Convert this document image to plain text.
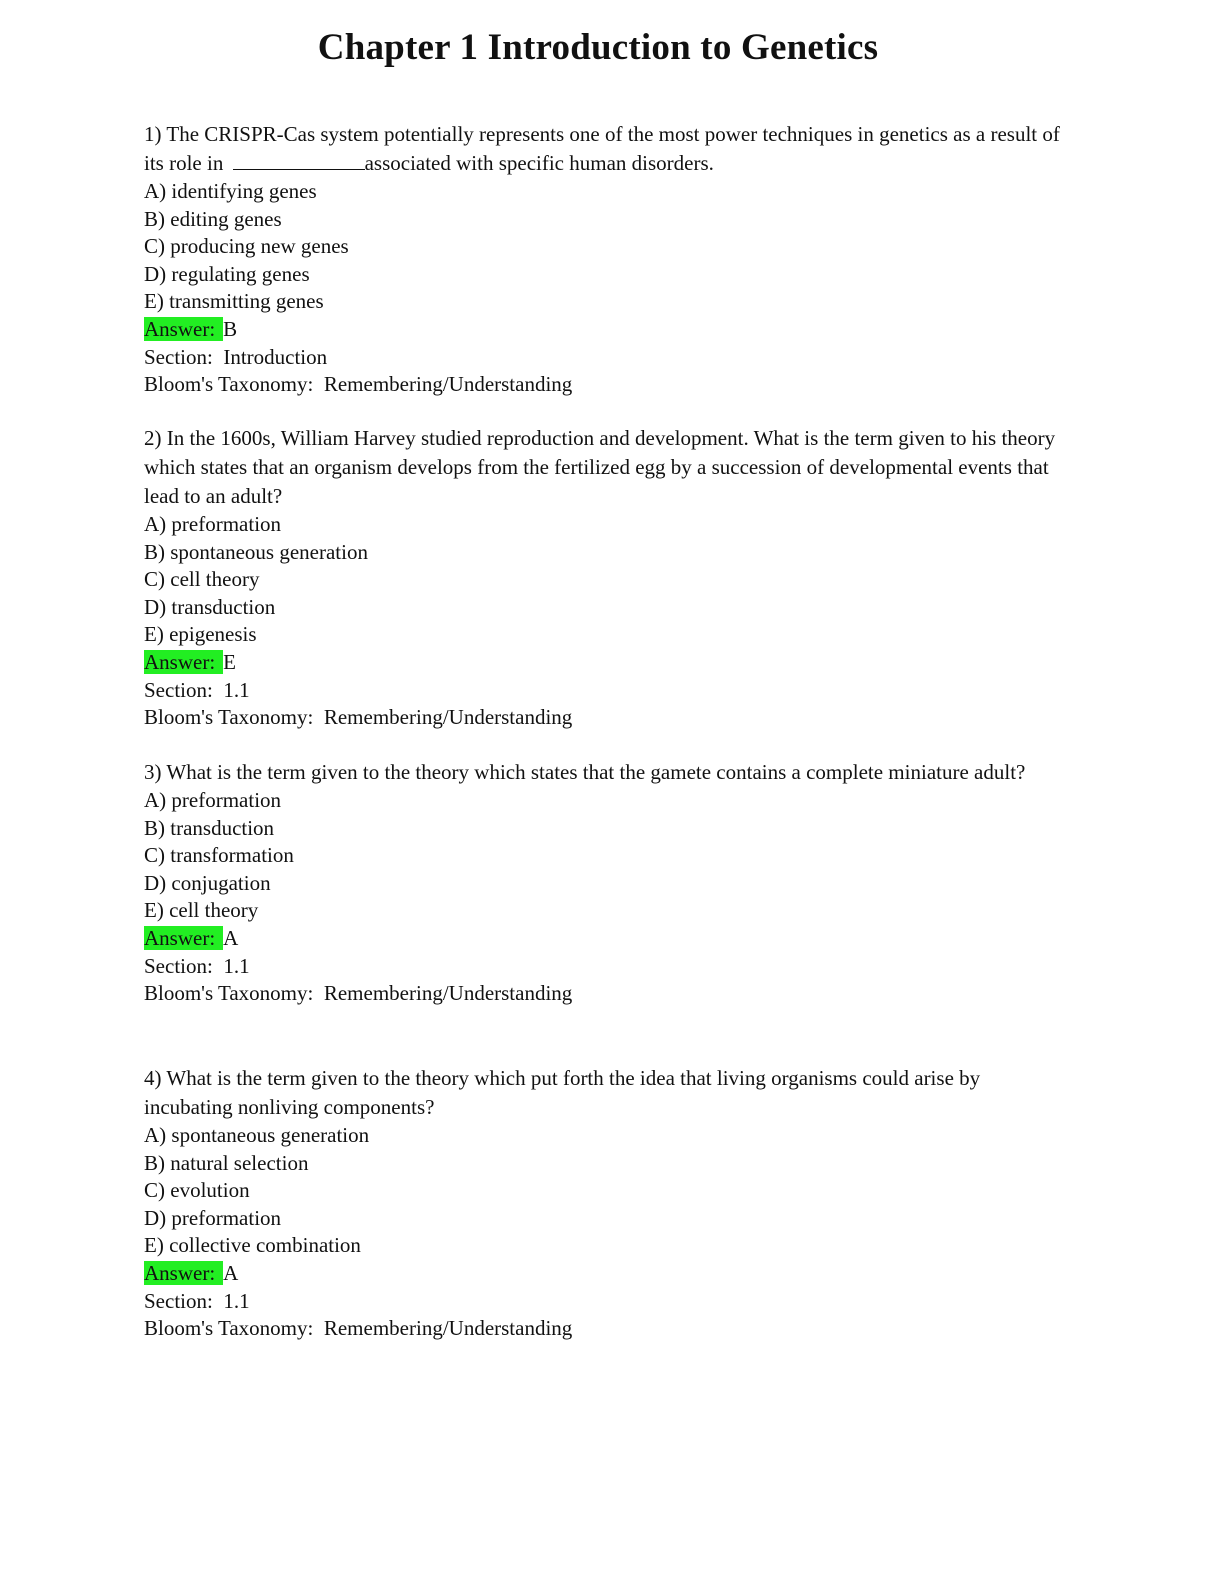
Chapter 1 Introduction to Genetics

1) The CRISPR-Cas system potentially represents one of the most power techniques in genetics as a result of its role in	associated with specific human disorders.

A) identifying genes

B) editing genes

C) producing new genes

D) regulating genes

E) transmitting genes

Answer: B

Section: Introduction

Bloom's Taxonomy: Remembering/Understanding

2) In the 1600s, William Harvey studied reproduction and development. What is the term given to his theory which states that an organism develops from the fertilized egg by a succession of developmental events that lead to an adult?

A) preformation

B) spontaneous generation

C) cell theory

D) transduction

E) epigenesis

Answer: E

Section: 1.1

Bloom's Taxonomy: Remembering/Understanding

3) What is the term given to the theory which states that the gamete contains a complete miniature adult?

A) preformation

B) transduction

C) transformation

D) conjugation

E) cell theory

Answer: A

Section: 1.1

Bloom's Taxonomy: Remembering/Understanding

4) What is the term given to the theory which put forth the idea that living organisms could arise by incubating nonliving components?

A) spontaneous generation

B) natural selection

C) evolution

D) preformation

E) collective combination

Answer: A

Section: 1.1

Bloom's Taxonomy: Remembering/Understanding
